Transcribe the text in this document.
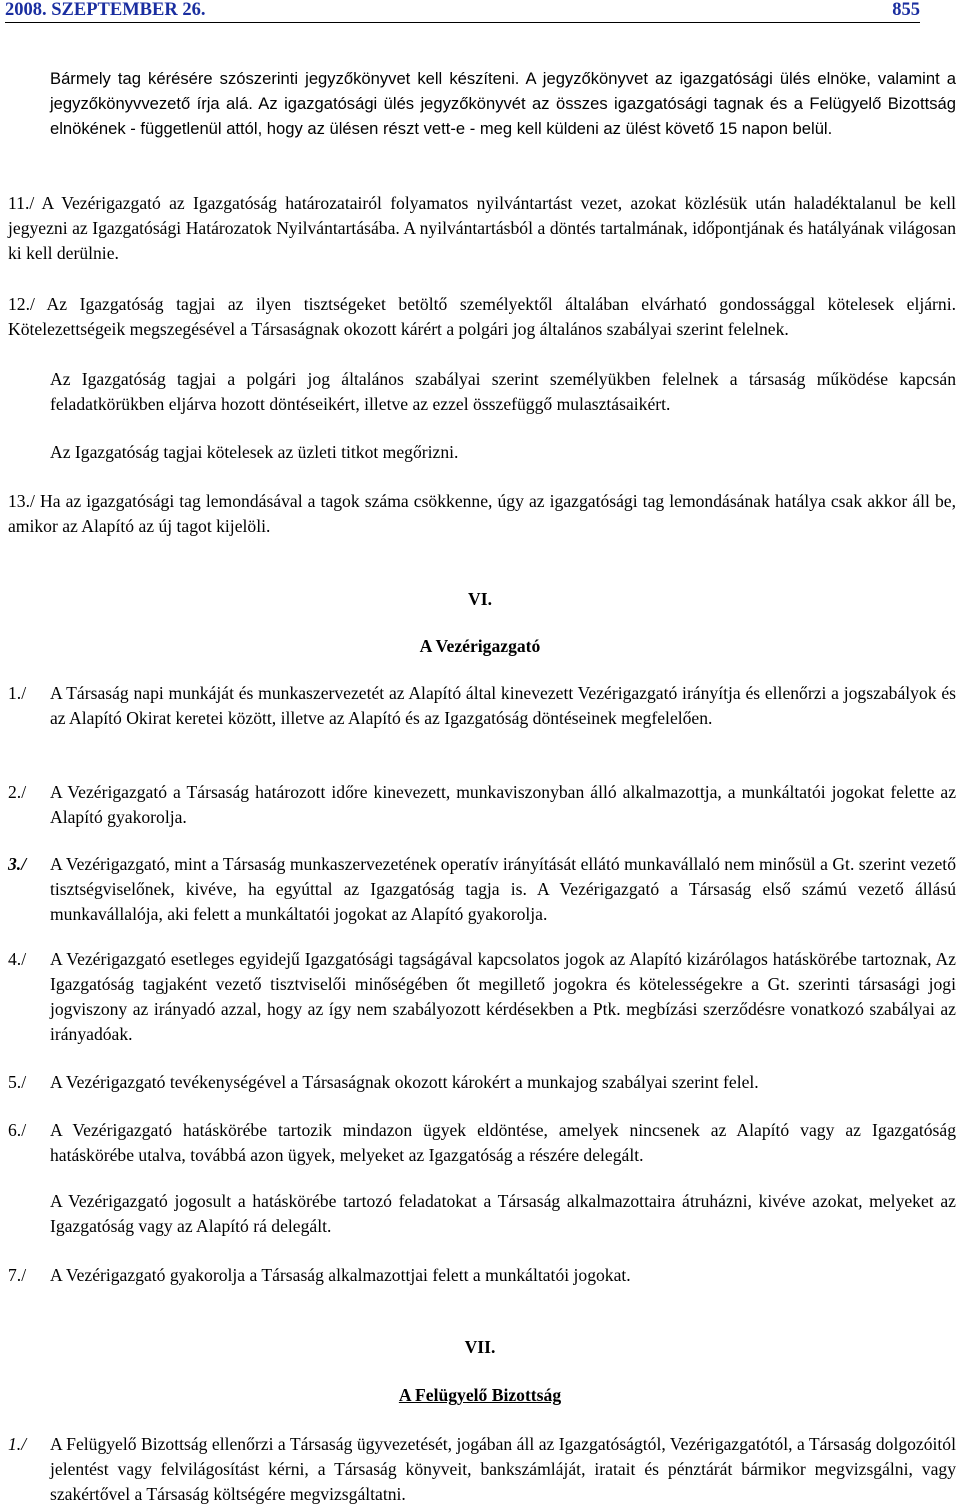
2008. SZEPTEMBER 26.	855
Bármely tag kérésére szószerinti jegyzőkönyvet kell készíteni. A jegyzőkönyvet az igazgatósági ülés elnöke, valamint a jegyzőkönyvvezető írja alá. Az igazgatósági ülés jegyzőkönyvét az összes igazgatósági tagnak és a Felügyelő Bizottság elnökének - függetlenül attól, hogy az ülésen részt vett-e - meg kell küldeni az ülést követő 15 napon belül.
11./ A Vezérigazgató az Igazgatóság határozatairól folyamatos nyilvántartást vezet, azokat közlésük után haladéktalanul be kell jegyezni az Igazgatósági Határozatok Nyilvántartásába. A nyilvántartásból a döntés tartalmának, időpontjának és hatályának világosan ki kell derülnie.
12./ Az Igazgatóság tagjai az ilyen tisztségeket betöltő személyektől általában elvárható gondossággal kötelesek eljárni. Kötelezettségeik megszegésével a Társaságnak okozott kárért a polgári jog általános szabályai szerint felelnek.
Az Igazgatóság tagjai a polgári jog általános szabályai szerint személyükben felelnek a társaság működése kapcsán feladatkörükben eljárva hozott döntéseikért, illetve az ezzel összefüggő mulasztásaikért.
Az Igazgatóság tagjai kötelesek az üzleti titkot megőrizni.
13./ Ha az igazgatósági tag lemondásával a tagok száma csökkenne, úgy az igazgatósági tag lemondásának hatálya csak akkor áll be, amikor az Alapító az új tagot kijelöli.
VI.
A Vezérigazgató
1./ A Társaság napi munkáját és munkaszervezetét az Alapító által kinevezett Vezérigazgató irányítja és ellenőrzi a jogszabályok és az Alapító Okirat keretei között, illetve az Alapító és az Igazgatóság döntéseinek megfelelően.
2./ A Vezérigazgató a Társaság határozott időre kinevezett, munkaviszonyban álló alkalmazottja, a munkáltatói jogokat felette az Alapító gyakorolja.
3./ A Vezérigazgató, mint a Társaság munkaszervezetének operatív irányítását ellátó munkavállaló nem minősül a Gt. szerint vezető tisztségviselőnek, kivéve, ha egyúttal az Igazgatóság tagja is. A Vezérigazgató a Társaság első számú vezető állású munkavállalója, aki felett a munkáltatói jogokat az Alapító gyakorolja.
4./ A Vezérigazgató esetleges egyidejű Igazgatósági tagságával kapcsolatos jogok az Alapító kizárólagos hatáskörébe tartoznak, Az Igazgatóság tagjaként vezető tisztviselői minőségében őt megillető jogokra és kötelességekre a Gt. szerinti társasági jogi jogviszony az irányadó azzal, hogy az így nem szabályozott kérdésekben a Ptk. megbízási szerződésre vonatkozó szabályai az irányadóak.
5./ A Vezérigazgató tevékenységével a Társaságnak okozott károkért a munkajog szabályai szerint felel.
6./ A Vezérigazgató hatáskörébe tartozik mindazon ügyek eldöntése, amelyek nincsenek az Alapító vagy az Igazgatóság hatáskörébe utalva, továbbá azon ügyek, melyeket az Igazgatóság a részére delegált.
A Vezérigazgató jogosult a hatáskörébe tartozó feladatokat a Társaság alkalmazottaira átruházni, kivéve azokat, melyeket az Igazgatóság vagy az Alapító rá delegált.
7./ A Vezérigazgató gyakorolja a Társaság alkalmazottjai felett a munkáltatói jogokat.
VII.
A Felügyelő Bizottság
1./ A Felügyelő Bizottság ellenőrzi a Társaság ügyvezetését, jogában áll az Igazgatóságtól, Vezérigazgatótól, a Társaság dolgozóitól jelentést vagy felvilágosítást kérni, a Társaság könyveit, bankszámláját, iratait és pénztárát bármikor megvizsgálni, vagy szakértővel a Társaság költségére megvizsgáltatni.
